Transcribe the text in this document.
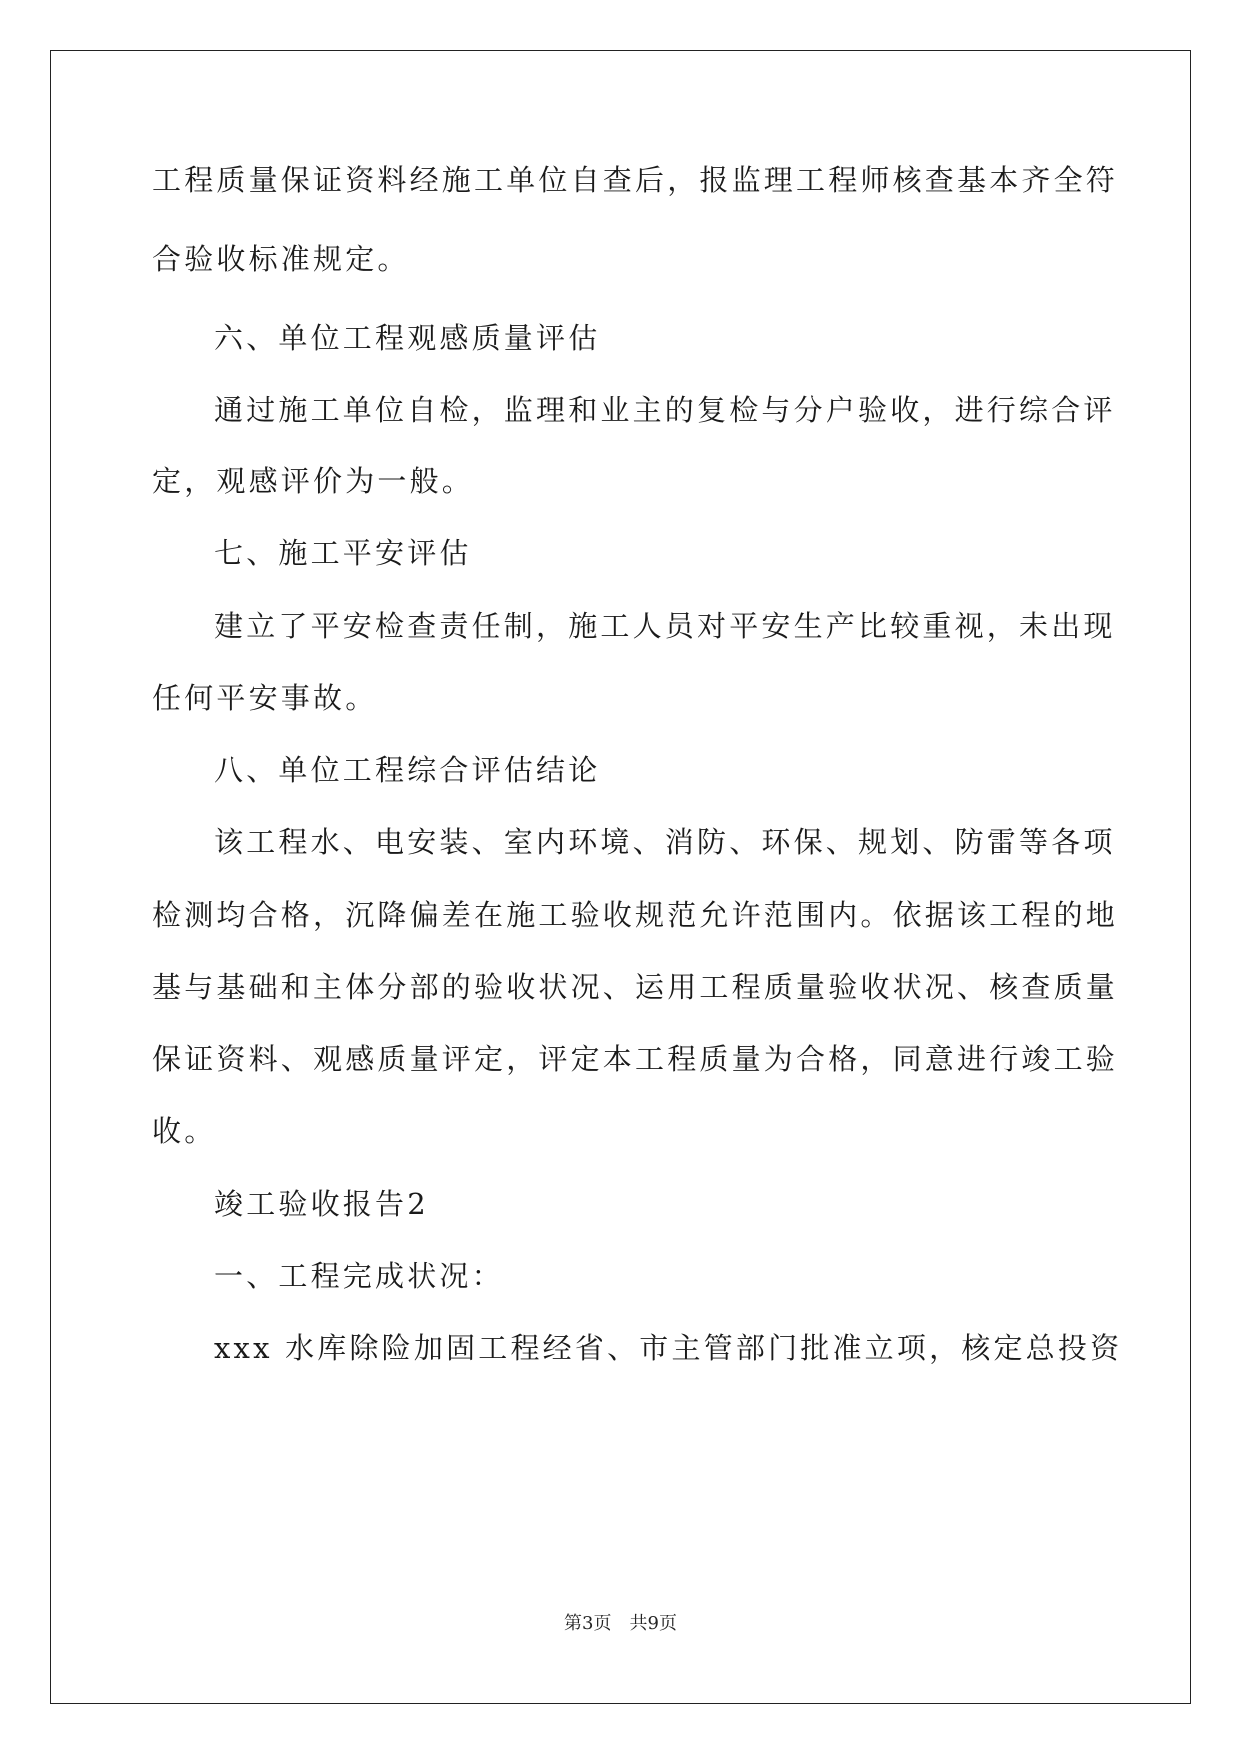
工程质量保证资料经施工单位自查后，报监理工程师核查基本齐全符
合验收标准规定。
六、单位工程观感质量评估
通过施工单位自检，监理和业主的复检与分户验收，进行综合评
定，观感评价为一般。
七、施工平安评估
建立了平安检查责任制，施工人员对平安生产比较重视，未出现
任何平安事故。
八、单位工程综合评估结论
该工程水、电安装、室内环境、消防、环保、规划、防雷等各项
检测均合格，沉降偏差在施工验收规范允许范围内。依据该工程的地
基与基础和主体分部的验收状况、运用工程质量验收状况、核查质量
保证资料、观感质量评定，评定本工程质量为合格，同意进行竣工验
收。
竣工验收报告2
一、工程完成状况：
xxx 水库除险加固工程经省、市主管部门批准立项，核定总投资
第3页 共9页
